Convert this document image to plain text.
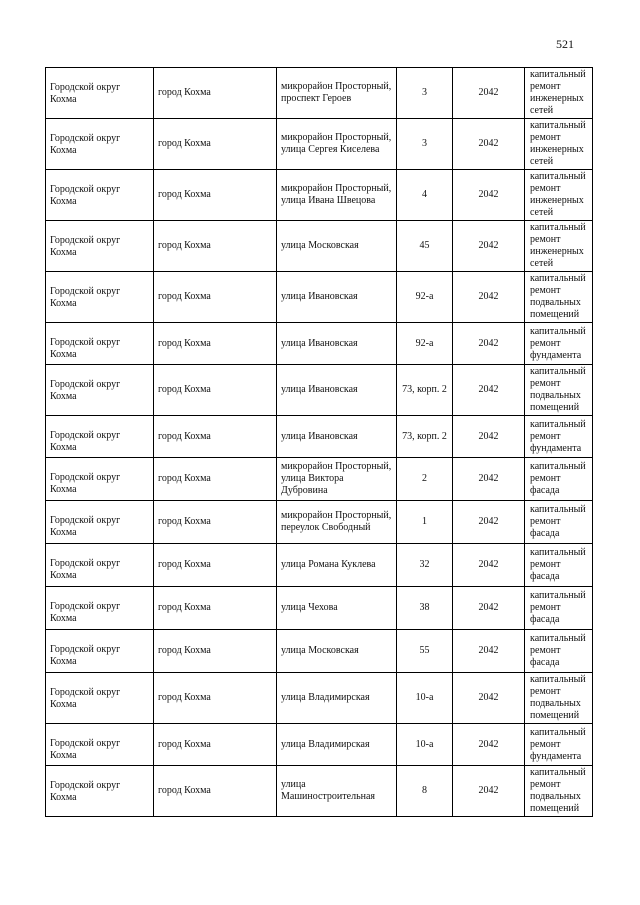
521
Городской округ Кохма	город Кохма	микрорайон Просторный, проспект Героев	3	2042	капитальный ремонт инженерных сетей
Городской округ Кохма	город Кохма	микрорайон Просторный, улица Сергея Киселева	3	2042	капитальный ремонт инженерных сетей
Городской округ Кохма	город Кохма	микрорайон Просторный, улица Ивана Швецова	4	2042	капитальный ремонт инженерных сетей
Городской округ Кохма	город Кохма	улица Московская	45	2042	капитальный ремонт инженерных сетей
Городской округ Кохма	город Кохма	улица Ивановская	92-а	2042	капитальный ремонт подвальных помещений
Городской округ Кохма	город Кохма	улица Ивановская	92-а	2042	капитальный ремонт фундамента
Городской округ Кохма	город Кохма	улица Ивановская	73, корп. 2	2042	капитальный ремонт подвальных помещений
Городской округ Кохма	город Кохма	улица Ивановская	73, корп. 2	2042	капитальный ремонт фундамента
Городской округ Кохма	город Кохма	микрорайон Просторный, улица Виктора Дубровина	2	2042	капитальный ремонт фасада
Городской округ Кохма	город Кохма	микрорайон Просторный, переулок Свободный	1	2042	капитальный ремонт фасада
Городской округ Кохма	город Кохма	улица Романа Куклева	32	2042	капитальный ремонт фасада
Городской округ Кохма	город Кохма	улица Чехова	38	2042	капитальный ремонт фасада
Городской округ Кохма	город Кохма	улица Московская	55	2042	капитальный ремонт фасада
Городской округ Кохма	город Кохма	улица Владимирская	10-а	2042	капитальный ремонт подвальных помещений
Городской округ Кохма	город Кохма	улица Владимирская	10-а	2042	капитальный ремонт фундамента
Городской округ Кохма	город Кохма	улица Машиностроительная	8	2042	капитальный ремонт подвальных помещений
